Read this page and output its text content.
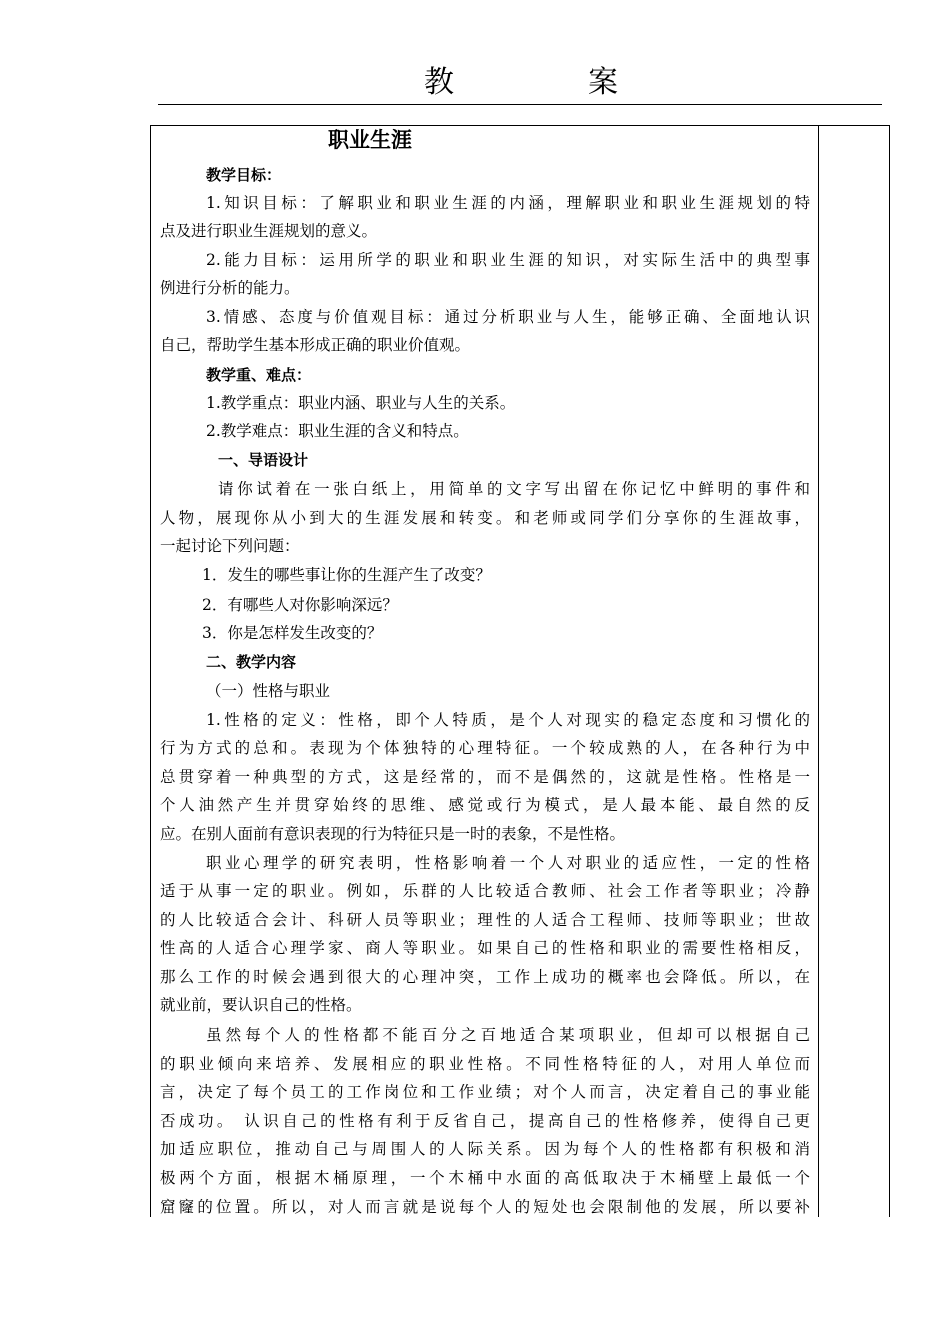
教　案
职业生涯
教学目标：
1.知识目标：了解职业和职业生涯的内涵，理解职业和职业生涯规划的特
点及进行职业生涯规划的意义。
2.能力目标：运用所学的职业和职业生涯的知识，对实际生活中的典型事
例进行分析的能力。
3.情感、态度与价值观目标：通过分析职业与人生，能够正确、全面地认识
自己，帮助学生基本形成正确的职业价值观。
教学重、难点：
1.教学重点：职业内涵、职业与人生的关系。
2.教学难点：职业生涯的含义和特点。
一、导语设计
请你试着在一张白纸上，用简单的文字写出留在你记忆中鲜明的事件和
人物，展现你从小到大的生涯发展和转变。和老师或同学们分享你的生涯故事，
一起讨论下列问题：
1．发生的哪些事让你的生涯产生了改变？
2．有哪些人对你影响深远？
3．你是怎样发生改变的？
二、教学内容
（一）性格与职业
1.性格的定义：性格，即个人特质，是个人对现实的稳定态度和习惯化的
行为方式的总和。表现为个体独特的心理特征。一个较成熟的人，在各种行为中
总贯穿着一种典型的方式，这是经常的，而不是偶然的，这就是性格。性格是一
个人油然产生并贯穿始终的思维、感觉或行为模式，是人最本能、最自然的反
应。在别人面前有意识表现的行为特征只是一时的表象，不是性格。
职业心理学的研究表明，性格影响着一个人对职业的适应性，一定的性格
适于从事一定的职业。例如，乐群的人比较适合教师、社会工作者等职业；冷静
的人比较适合会计、科研人员等职业；理性的人适合工程师、技师等职业；世故
性高的人适合心理学家、商人等职业。如果自己的性格和职业的需要性格相反，
那么工作的时候会遇到很大的心理冲突，工作上成功的概率也会降低。所以，在
就业前，要认识自己的性格。
虽然每个人的性格都不能百分之百地适合某项职业，但却可以根据自己
的职业倾向来培养、发展相应的职业性格。不同性格特征的人，对用人单位而
言，决定了每个员工的工作岗位和工作业绩；对个人而言，决定着自己的事业能
否成功。 认识自己的性格有利于反省自己，提高自己的性格修养，使得自己更
加适应职位，推动自己与周围人的人际关系。因为每个人的性格都有积极和消
极两个方面，根据木桶原理，一个木桶中水面的高低取决于木桶壁上最低一个
窟窿的位置。所以，对人而言就是说每个人的短处也会限制他的发展，所以要补
